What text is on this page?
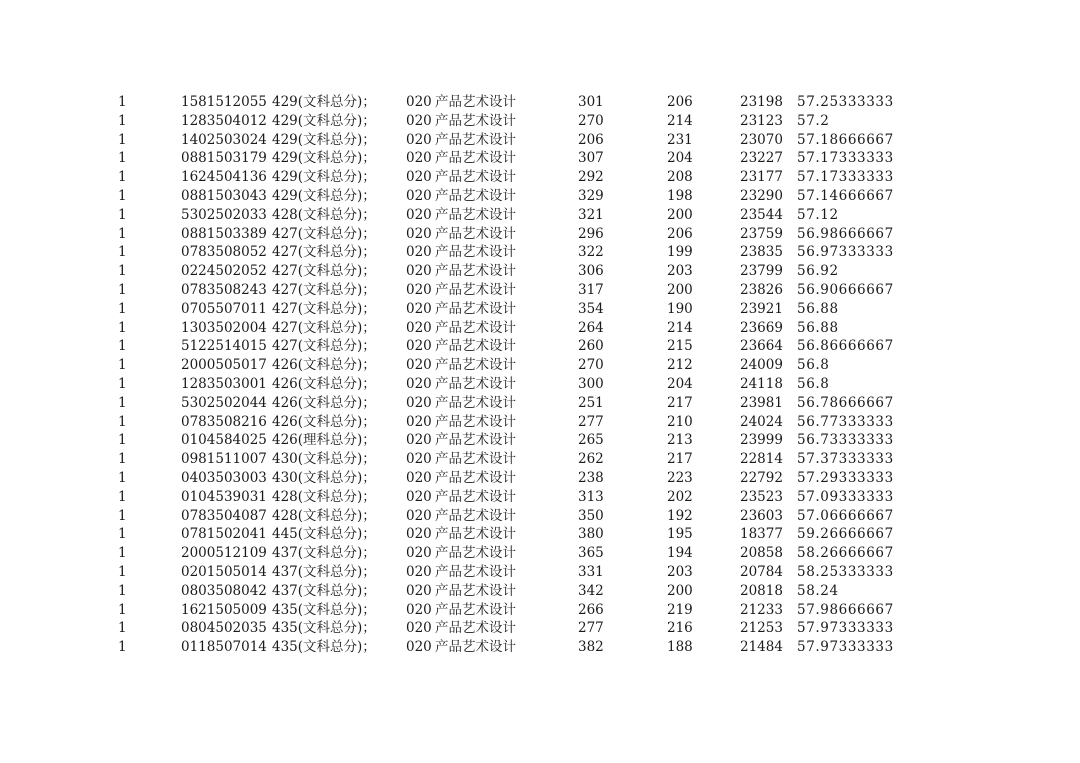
1	1581512055 429(文科总分)； 020 产品艺术设计	301	206	23198 57.25333333
1	1283504012 429(文科总分)； 020 产品艺术设计	270	214	23123 57.2
1	1402503024 429(文科总分)； 020 产品艺术设计	206	231	23070 57.18666667
1	0881503179 429(文科总分)； 020 产品艺术设计	307	204	23227 57.17333333
1	1624504136 429(文科总分)； 020 产品艺术设计	292	208	23177 57.17333333
1	0881503043 429(文科总分)； 020 产品艺术设计	329	198	23290 57.14666667
1	5302502033 428(文科总分)； 020 产品艺术设计	321	200	23544 57.12
1	0881503389 427(文科总分)； 020 产品艺术设计	296	206	23759 56.98666667
1	0783508052 427(文科总分)； 020 产品艺术设计	322	199	23835 56.97333333
1	0224502052 427(文科总分)； 020 产品艺术设计	306	203	23799 56.92
1	0783508243 427(文科总分)； 020 产品艺术设计	317	200	23826 56.90666667
1	0705507011 427(文科总分)； 020 产品艺术设计	354	190	23921 56.88
1	1303502004 427(文科总分)； 020 产品艺术设计	264	214	23669 56.88
1	5122514015 427(文科总分)； 020 产品艺术设计	260	215	23664 56.86666667
1	2000505017 426(文科总分)； 020 产品艺术设计	270	212	24009 56.8
1	1283503001 426(文科总分)； 020 产品艺术设计	300	204	24118 56.8
1	5302502044 426(文科总分)； 020 产品艺术设计	251	217	23981 56.78666667
1	0783508216 426(文科总分)； 020 产品艺术设计	277	210	24024 56.77333333
1	0104584025 426(理科总分)； 020 产品艺术设计	265	213	23999 56.73333333
1	0981511007 430(文科总分)； 020 产品艺术设计	262	217	22814 57.37333333
1	0403503003 430(文科总分)； 020 产品艺术设计	238	223	22792 57.29333333
1	0104539031 428(文科总分)； 020 产品艺术设计	313	202	23523 57.09333333
1	0783504087 428(文科总分)； 020 产品艺术设计	350	192	23603 57.06666667
1	0781502041 445(文科总分)； 020 产品艺术设计	380	195	18377 59.26666667
1	2000512109 437(文科总分)； 020 产品艺术设计	365	194	20858 58.26666667
1	0201505014 437(文科总分)； 020 产品艺术设计	331	203	20784 58.25333333
1	0803508042 437(文科总分)； 020 产品艺术设计	342	200	20818 58.24
1	1621505009 435(文科总分)； 020 产品艺术设计	266	219	21233 57.98666667
1	0804502035 435(文科总分)； 020 产品艺术设计	277	216	21253 57.97333333
1	0118507014 435(文科总分)； 020 产品艺术设计	382	188	21484 57.97333333
